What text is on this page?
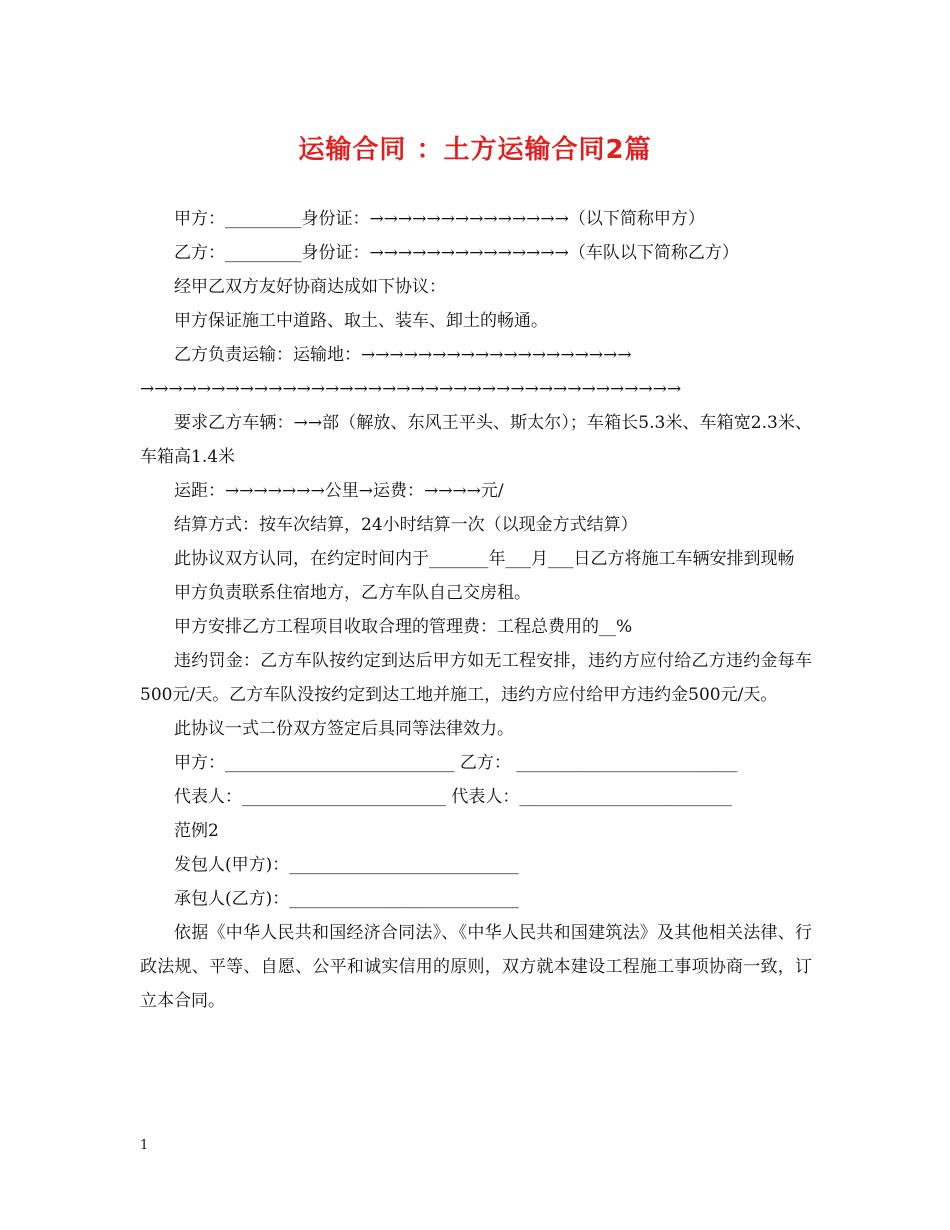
运输合同 ：土方运输合同2篇

甲方：_________身份证：→→→→→→→→→→→→→→（以下简称甲方）

乙方：_________身份证：→→→→→→→→→→→→→→（车队以下简称乙方）

经甲乙双方友好协商达成如下协议：

甲方保证施工中道路、取土、装车、卸土的畅通。

乙方负责运输：运输地：→→→→→→→→→→→→→→→→→→→

→→→→→→→→→→→→→→→→→→→→→→→→→→→→→→→→→→→→→→

要求乙方车辆：→→部（解放、东风王平头、斯太尔）；车箱长5.3米、车箱宽2.3米、车箱高1.4米

运距：→→→→→→→公里→运费：→→→→元/

结算方式：按车次结算，24小时结算一次（以现金方式结算）

此协议双方认同，在约定时间内于_______年___月___日乙方将施工车辆安排到现畅

甲方负责联系住宿地方，乙方车队自己交房租。

甲方安排乙方工程项目收取合理的管理费：工程总费用的__%

违约罚金：乙方车队按约定到达后甲方如无工程安排，违约方应付给乙方违约金每车500元/天。乙方车队没按约定到达工地并施工，违约方应付给甲方违约金500元/天。

此协议一式二份双方签定后具同等法律效力。

甲方：___________________________ 乙方： __________________________

代表人：________________________ 代表人：_________________________

范例2

发包人(甲方)：___________________________

承包人(乙方)：___________________________

依据《中华人民共和国经济合同法》、《中华人民共和国建筑法》及其他相关法律、行政法规、平等、自愿、公平和诚实信用的原则，双方就本建设工程施工事项协商一致，订立本合同。

1
